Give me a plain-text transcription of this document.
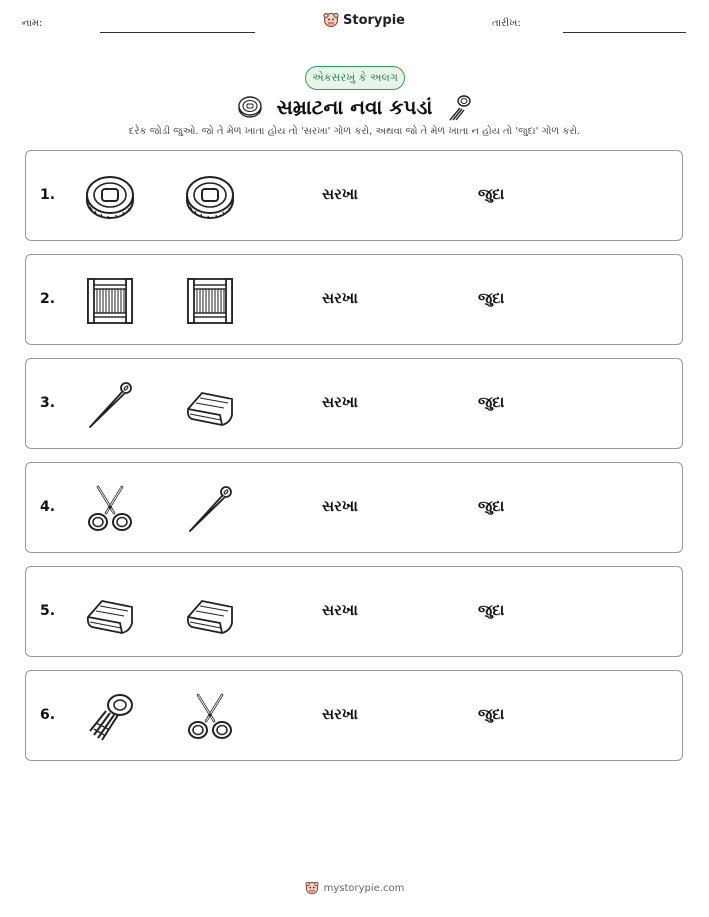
નામ:	Storypie	તારીખ:
એકસરખું કે અલગ
સમ્રાટના નવા કપડાં
દરેક જોડી જુઓ. જો તે મેળ ખાતા હોય તો 'સરખા' ગોળ કરો, અથવા જો તે મેળ ખાતા ન હોય તો 'જુદા' ગોળ કરો.
1.	સરખા	જુદા
2.	સરખા	જુદા
3.	સરખા	જુદા
4.	સરખા	જુદા
5.	સરખા	જુદા
6.	સરખા	જુદા
mystorypie.com
